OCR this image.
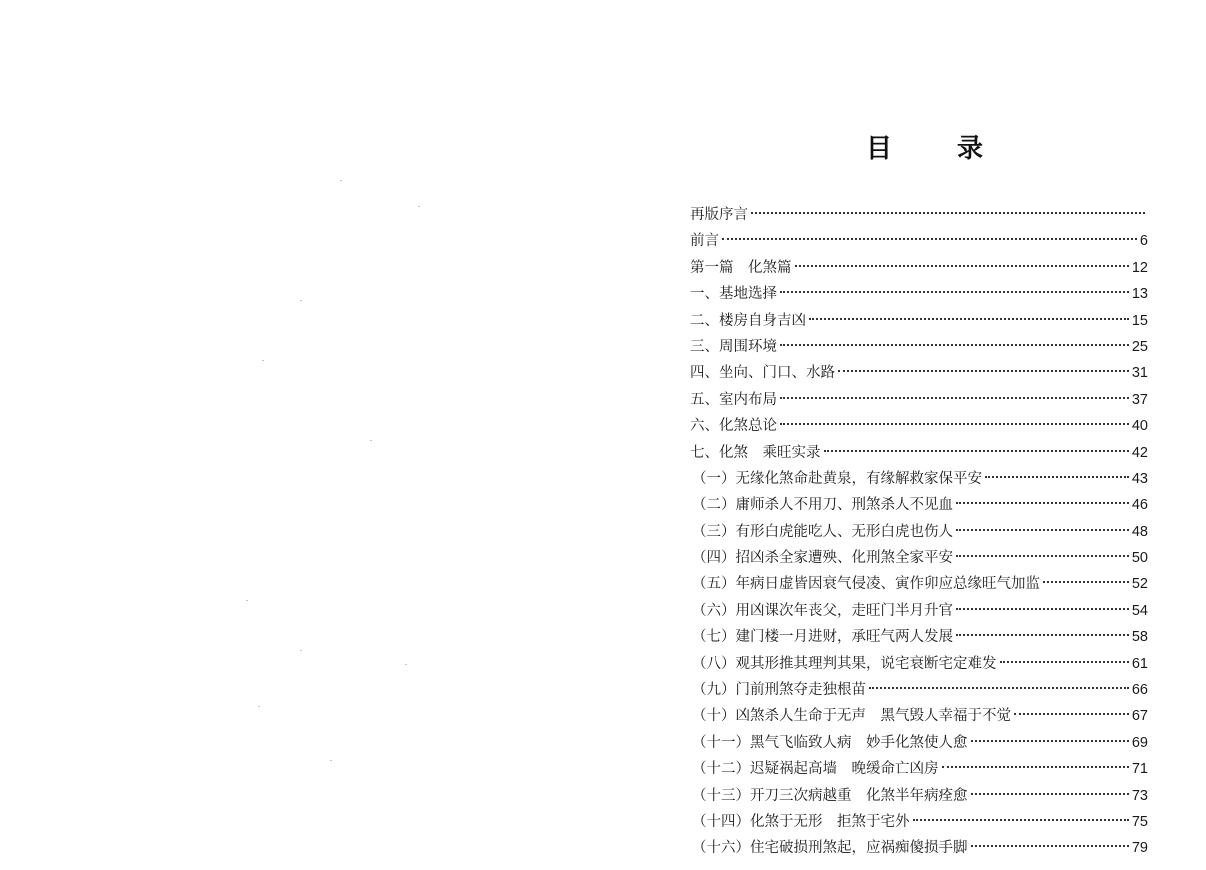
目 录
再版序言
前言	6
第一篇　化煞篇	12
一、基地选择	13
二、楼房自身吉凶	15
三、周围环境	25
四、坐向、门口、水路	31
五、室内布局	37
六、化煞总论	40
七、化煞　乘旺实录	42
（一）无缘化煞命赴黄泉，有缘解救家保平安	43
（二）庸师杀人不用刀、刑煞杀人不见血	46
（三）有形白虎能吃人、无形白虎也伤人	48
（四）招凶杀全家遭殃、化刑煞全家平安	50
（五）年病日虚皆因衰气侵凌、寅作卯应总缘旺气加监	52
（六）用凶课次年丧父，走旺门半月升官	54
（七）建门楼一月进财，承旺气两人发展	58
（八）观其形推其理判其果，说宅衰断宅定难发	61
（九）门前刑煞夺走独根苗	66
（十）凶煞杀人生命于无声　黑气毁人幸福于不觉	67
（十一）黑气飞临致人病　妙手化煞使人愈	69
（十二）迟疑祸起高墙　晚缓命亡凶房	71
（十三）开刀三次病越重　化煞半年病痊愈	73
（十四）化煞于无形　拒煞于宅外	75
（十六）住宅破损刑煞起，应祸痴傻损手脚	79
